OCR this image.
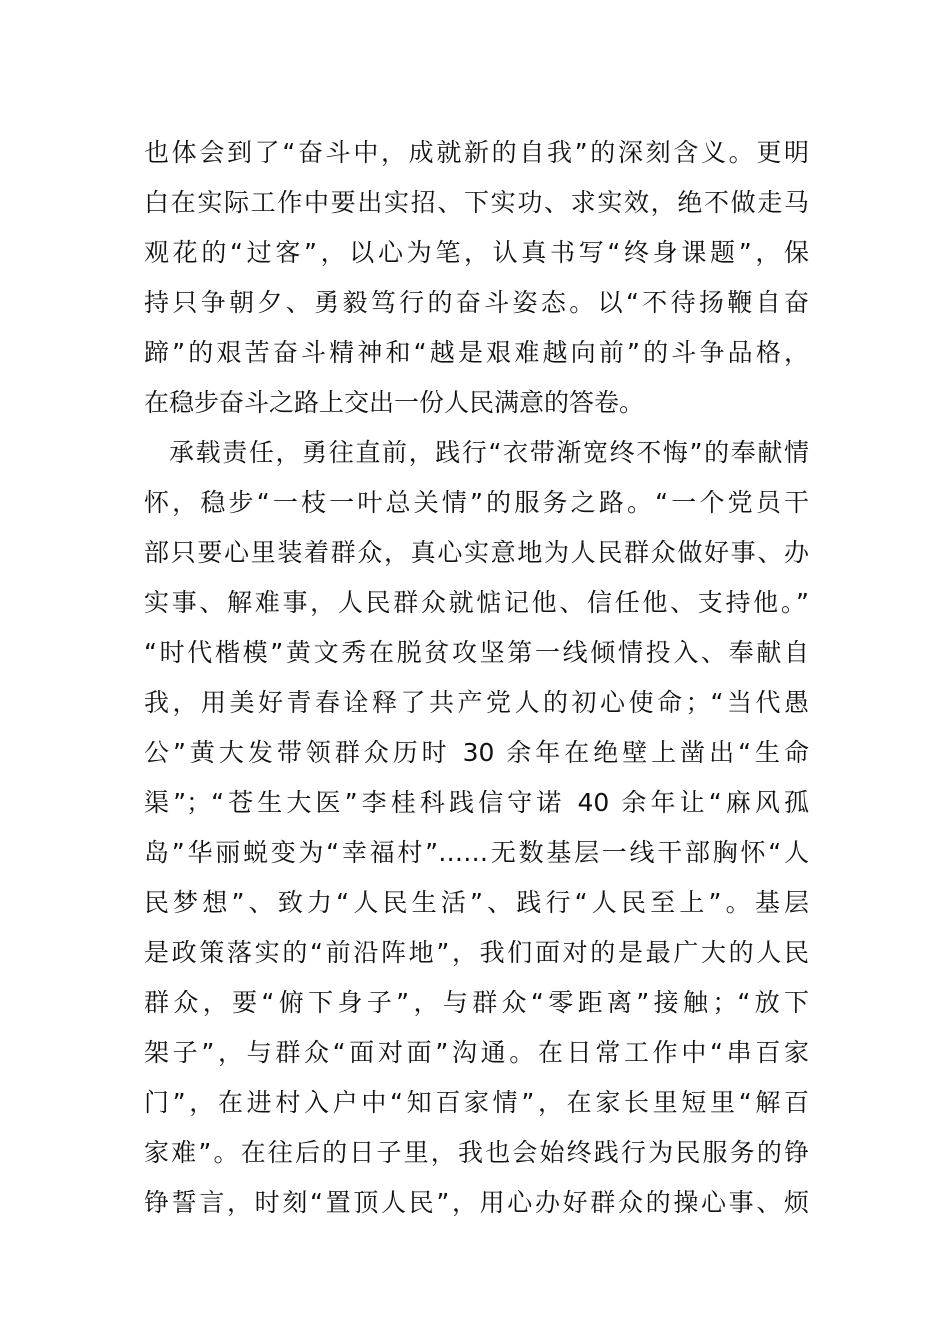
也体会到了“奋斗中，成就新的自我”的深刻含义。更明
白在实际工作中要出实招、下实功、求实效，绝不做走马
观花的“过客”，以心为笔，认真书写“终身课题”，保
持只争朝夕、勇毅笃行的奋斗姿态。以“不待扬鞭自奋
蹄”的艰苦奋斗精神和“越是艰难越向前”的斗争品格，
在稳步奋斗之路上交出一份人民满意的答卷。
承载责任，勇往直前，践行“衣带渐宽终不悔”的奉献情
怀，稳步“一枝一叶总关情”的服务之路。“一个党员干
部只要心里装着群众，真心实意地为人民群众做好事、办
实事、解难事，人民群众就惦记他、信任他、支持他。”
“时代楷模”黄文秀在脱贫攻坚第一线倾情投入、奉献自
我，用美好青春诠释了共产党人的初心使命；“当代愚
公”黄大发带领群众历时 30 余年在绝壁上凿出“生命
渠”；“苍生大医”李桂科践信守诺 40 余年让“麻风孤
岛”华丽蜕变为“幸福村”……无数基层一线干部胸怀“人
民梦想”、致力“人民生活”、践行“人民至上”。基层
是政策落实的“前沿阵地”，我们面对的是最广大的人民
群众，要“俯下身子”，与群众“零距离”接触；“放下
架子”，与群众“面对面”沟通。在日常工作中“串百家
门”，在进村入户中“知百家情”，在家长里短里“解百
家难”。在往后的日子里，我也会始终践行为民服务的铮
铮誓言，时刻“置顶人民”，用心办好群众的操心事、烦
